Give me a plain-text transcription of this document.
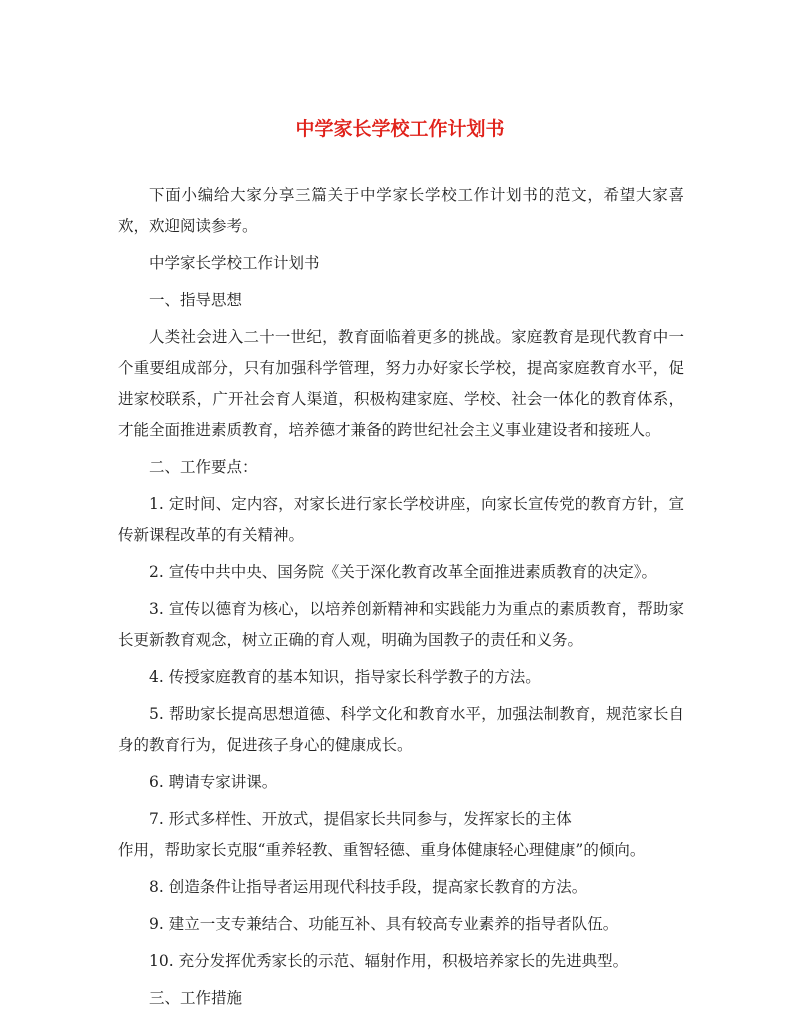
中学家长学校工作计划书

下面小编给大家分享三篇关于中学家长学校工作计划书的范文，希望大家喜欢，欢迎阅读参考。

中学家长学校工作计划书

一、指导思想

人类社会进入二十一世纪，教育面临着更多的挑战。家庭教育是现代教育中一个重要组成部分，只有加强科学管理，努力办好家长学校，提高家庭教育水平，促进家校联系，广开社会育人渠道，积极构建家庭、学校、社会一体化的教育体系，才能全面推进素质教育，培养德才兼备的跨世纪社会主义事业建设者和接班人。

二、工作要点：

1. 定时间、定内容，对家长进行家长学校讲座，向家长宣传党的教育方针，宣传新课程改革的有关精神。

2. 宣传中共中央、国务院《关于深化教育改革全面推进素质教育的决定》。

3. 宣传以德育为核心，以培养创新精神和实践能力为重点的素质教育，帮助家长更新教育观念，树立正确的育人观，明确为国教子的责任和义务。

4. 传授家庭教育的基本知识，指导家长科学教子的方法。

5. 帮助家长提高思想道德、科学文化和教育水平，加强法制教育，规范家长自身的教育行为，促进孩子身心的健康成长。

6. 聘请专家讲课。

7. 形式多样性、开放式，提倡家长共同参与，发挥家长的主体

作用，帮助家长克服“重养轻教、重智轻德、重身体健康轻心理健康”的倾向。

8. 创造条件让指导者运用现代科技手段，提高家长教育的方法。

9. 建立一支专兼结合、功能互补、具有较高专业素养的指导者队伍。

10. 充分发挥优秀家长的示范、辐射作用，积极培养家长的先进典型。

三、工作措施
